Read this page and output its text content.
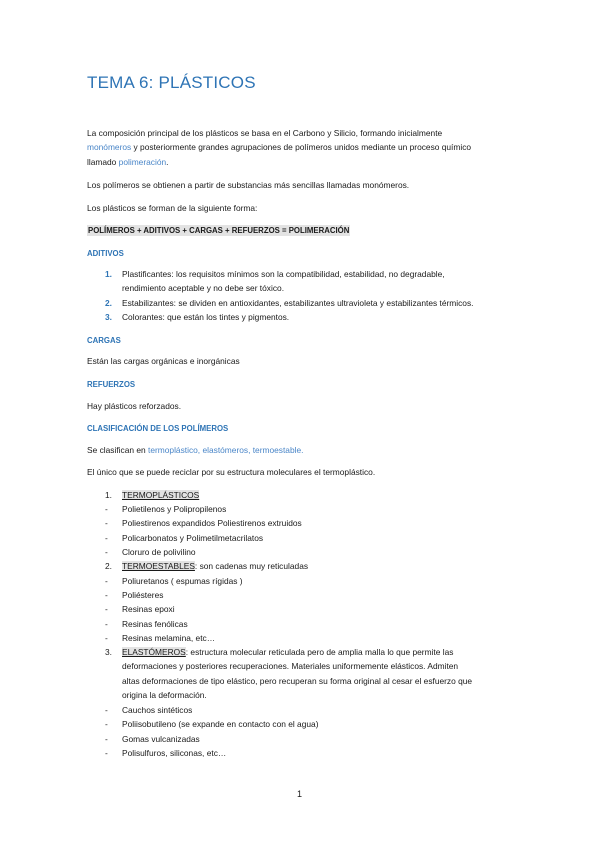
TEMA 6: PLÁSTICOS
La composición principal de los plásticos se basa en el Carbono y Silicio, formando inicialmente
monómeros y posteriormente grandes agrupaciones de polímeros unidos mediante un proceso químico
llamado polimeración.
Los polímeros se obtienen a partir de substancias más sencillas llamadas monómeros.
Los plásticos se forman de la siguiente forma:
POLÍMEROS + ADITIVOS + CARGAS + REFUERZOS = POLIMERACIÓN
ADITIVOS
1. Plastificantes: los requisitos mínimos son la compatibilidad, estabilidad, no degradable,
rendimiento aceptable y no debe ser tóxico.
2. Estabilizantes: se dividen en antioxidantes, estabilizantes ultravioleta y estabilizantes térmicos.
3. Colorantes: que están los tintes y pigmentos.
CARGAS
Están las cargas orgánicas e inorgánicas
REFUERZOS
Hay plásticos reforzados.
CLASIFICACIÓN DE LOS POLÍMEROS
Se clasifican en termoplástico, elastómeros, termoestable.
El único que se puede reciclar por su estructura moleculares el termoplástico.
1. TERMOPLÁSTICOS
- Polietilenos y Polipropilenos
- Poliestirenos expandidos Poliestirenos extruidos
- Policarbonatos y Polimetilmetacrilatos
- Cloruro de polivilino
2. TERMOESTABLES: son cadenas muy reticuladas
- Poliuretanos ( espumas rígidas )
- Poliésteres
- Resinas epoxi
- Resinas fenólicas
- Resinas melamina, etc…
3. ELASTÓMEROS: estructura molecular reticulada pero de amplia malla lo que permite las
deformaciones y posteriores recuperaciones. Materiales uniformemente elásticos. Admiten
altas deformaciones de tipo elástico, pero recuperan su forma original al cesar el esfuerzo que
origina la deformación.
- Cauchos sintéticos
- Poliisobutileno (se expande en contacto con el agua)
- Gomas vulcanizadas
- Polisulfuros, siliconas, etc…
1
